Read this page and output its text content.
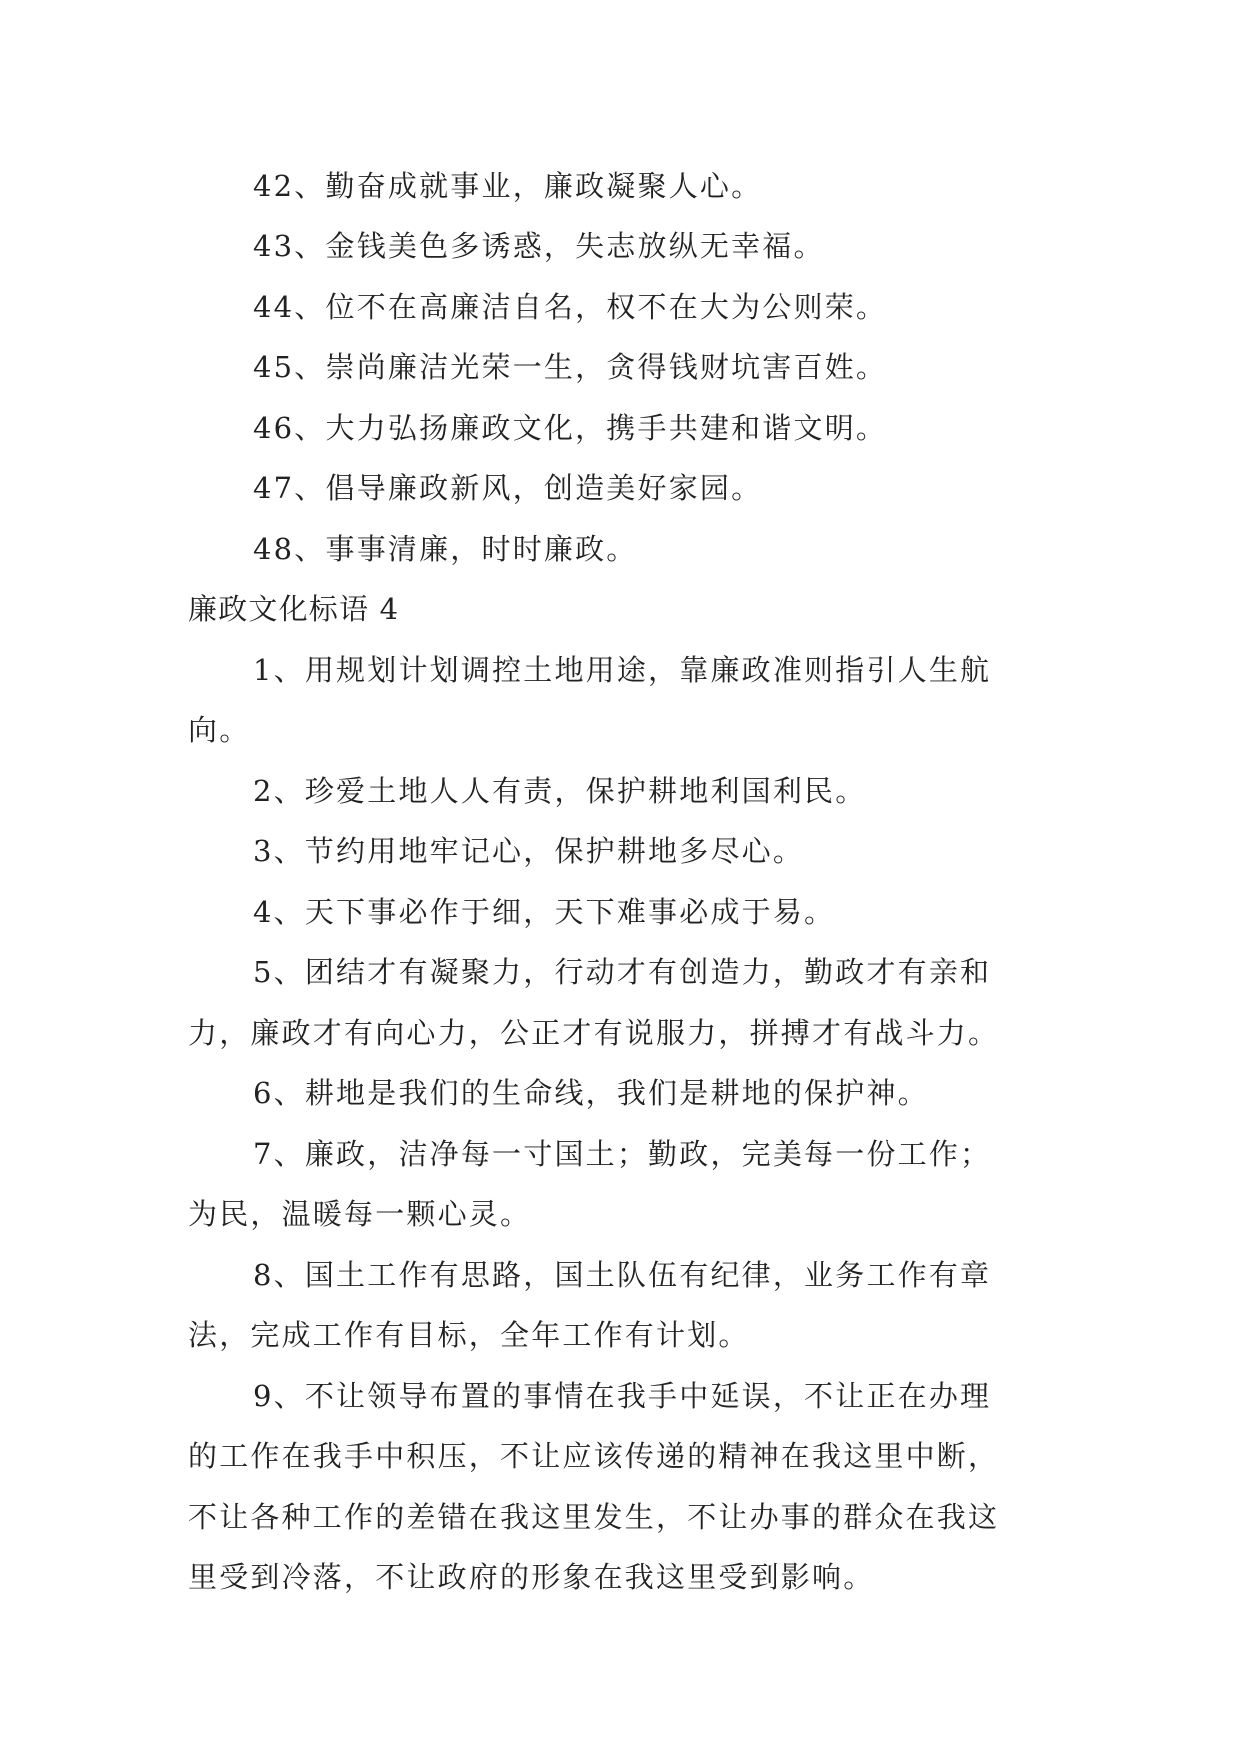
42、勤奋成就事业，廉政凝聚人心。
43、金钱美色多诱惑，失志放纵无幸福。
44、位不在高廉洁自名，权不在大为公则荣。
45、崇尚廉洁光荣一生，贪得钱财坑害百姓。
46、大力弘扬廉政文化，携手共建和谐文明。
47、倡导廉政新风，创造美好家园。
48、事事清廉，时时廉政。
廉政文化标语 4
1、用规划计划调控土地用途，靠廉政准则指引人生航
向。
2、珍爱土地人人有责，保护耕地利国利民。
3、节约用地牢记心，保护耕地多尽心。
4、天下事必作于细，天下难事必成于易。
5、团结才有凝聚力，行动才有创造力，勤政才有亲和
力，廉政才有向心力，公正才有说服力，拼搏才有战斗力。
6、耕地是我们的生命线，我们是耕地的保护神。
7、廉政，洁净每一寸国土；勤政，完美每一份工作；
为民，温暖每一颗心灵。
8、国土工作有思路，国土队伍有纪律，业务工作有章
法，完成工作有目标，全年工作有计划。
9、不让领导布置的事情在我手中延误，不让正在办理
的工作在我手中积压，不让应该传递的精神在我这里中断，
不让各种工作的差错在我这里发生，不让办事的群众在我这
里受到冷落，不让政府的形象在我这里受到影响。
